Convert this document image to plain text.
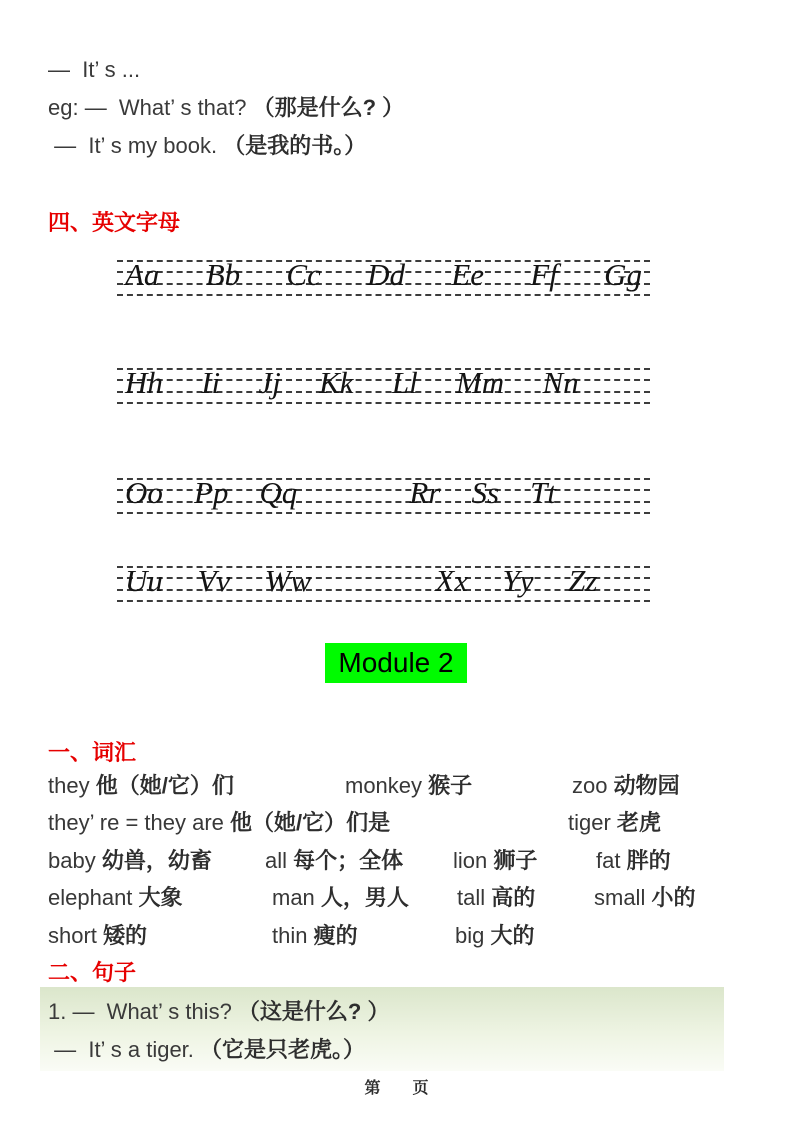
—  It’ s ...
eg: —  What’ s that? （那是什么? ）
—  It’ s my book. （是我的书。）
四、英文字母
Aa Bb Cc Dd Ee Ff Gg
Hh Ii Jj Kk Ll Mm Nn
Oo Pp Qq	Rr Ss Tt
Uu Vv Ww	Xx Yy Zz
Module 2
一、词汇
they 他（她/它）们	monkey 猴子	zoo 动物园
they’ re = they are 他（她/它）们是	tiger 老虎
baby 幼兽，幼畜 all 每个；全体 lion 狮子	fat 胖的
elephant 大象	man 人，男人 tall 高的	small 小的
short 矮的	thin 瘦的	big 大的
二、句子
1. —  What’ s this? （这是什么? ）
—  It’ s a tiger. （它是只老虎。）
第　　页
